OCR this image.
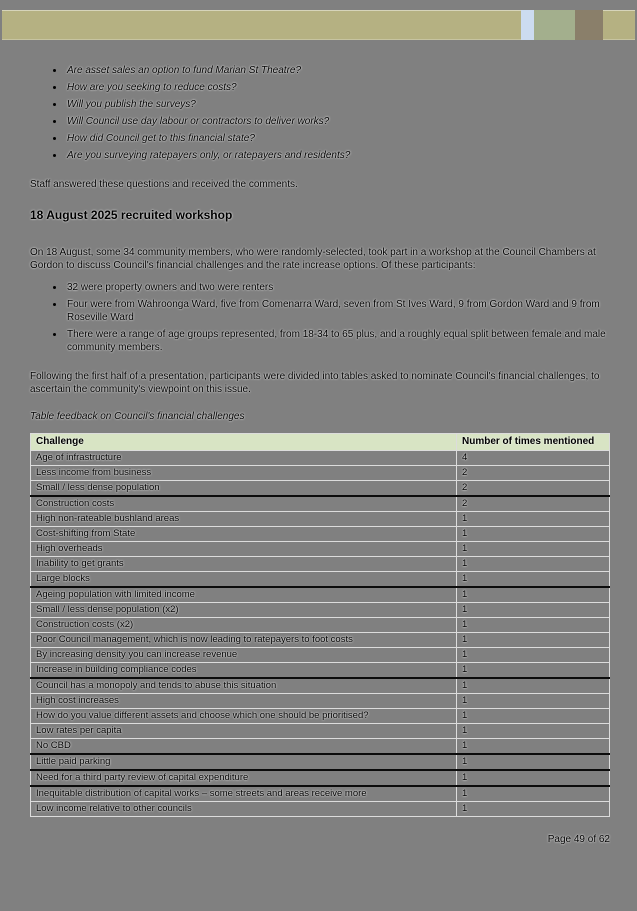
• Are asset sales an option to fund Marian St Theatre?
• How are you seeking to reduce costs?
• Will you publish the surveys?
• Will Council use day labour or contractors to deliver works?
• How did Council get to this financial state?
• Are you surveying ratepayers only, or ratepayers and residents?

Staff answered these questions and received the comments.

18 August 2025 recruited workshop

On 18 August, some 34 community members, who were randomly-selected, took part in a workshop at the Council Chambers at Gordon to discuss Council's financial challenges and the rate increase options. Of these participants:

• 32 were property owners and two were renters
• Four were from Wahroonga Ward, five from Comenarra Ward, seven from St Ives Ward, 9 from Gordon Ward and 9 from Roseville Ward
• There were a range of age groups represented, from 18-34 to 65 plus, and a roughly equal split between female and male community members.

Following the first half of a presentation, participants were divided into tables asked to nominate Council's financial challenges, to ascertain the community's viewpoint on this issue.

Table feedback on Council's financial challenges

Challenge	Number of times mentioned
Age of infrastructure	4
Less income from business	2
Small / less dense population	2
Construction costs	2
High non-rateable bushland areas	1
Cost-shifting from State	1
High overheads	1
Inability to get grants	1
Large blocks	1
Ageing population with limited income	1
Small / less dense population (x2)	1
Construction costs (x2)	1
Poor Council management, which is now leading to ratepayers to foot costs	1
By increasing density you can increase revenue	1
Increase in building compliance codes	1
Council has a monopoly and tends to abuse this situation	1
High cost increases	1
How do you value different assets and choose which one should be prioritised?	1
Low rates per capita	1
No CBD	1
Little paid parking	1
Need for a third party review of capital expenditure	1
Inequitable distribution of capital works – some streets and areas receive more	1
Low income relative to other councils	1
Page 49 of 62
